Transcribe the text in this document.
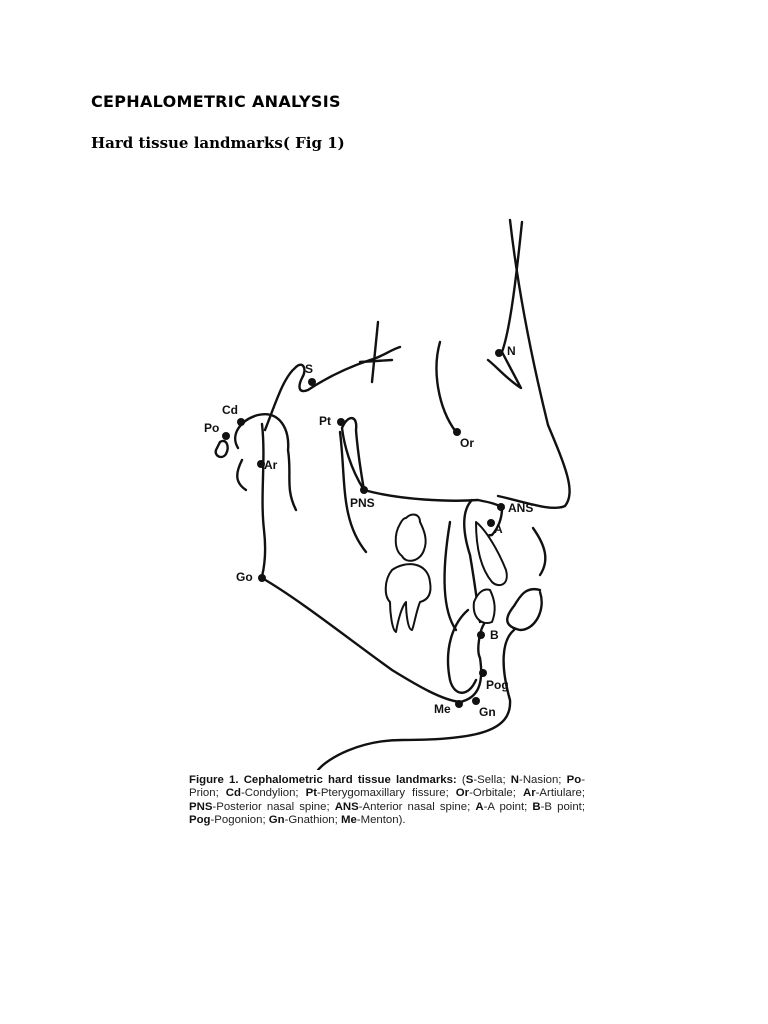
CEPHALOMETRIC ANALYSIS
Hard tissue landmarks( Fig 1)
S
N
Po
Cd
Pt
Or
Ar
PNS	ANS
A
Go
B
Pog
Me Gn

Figure 1. Cephalometric hard tissue landmarks: (S-Sella; N-Nasion; Po-Prion; Cd-Condylion; Pt-Pterygomaxillary fissure; Or-Orbitale; Ar-Artiulare; PNS-Posterior nasal spine; ANS-Anterior nasal spine; A-A point; B-B point; Pog-Pogonion; Gn-Gnathion; Me-Menton).
